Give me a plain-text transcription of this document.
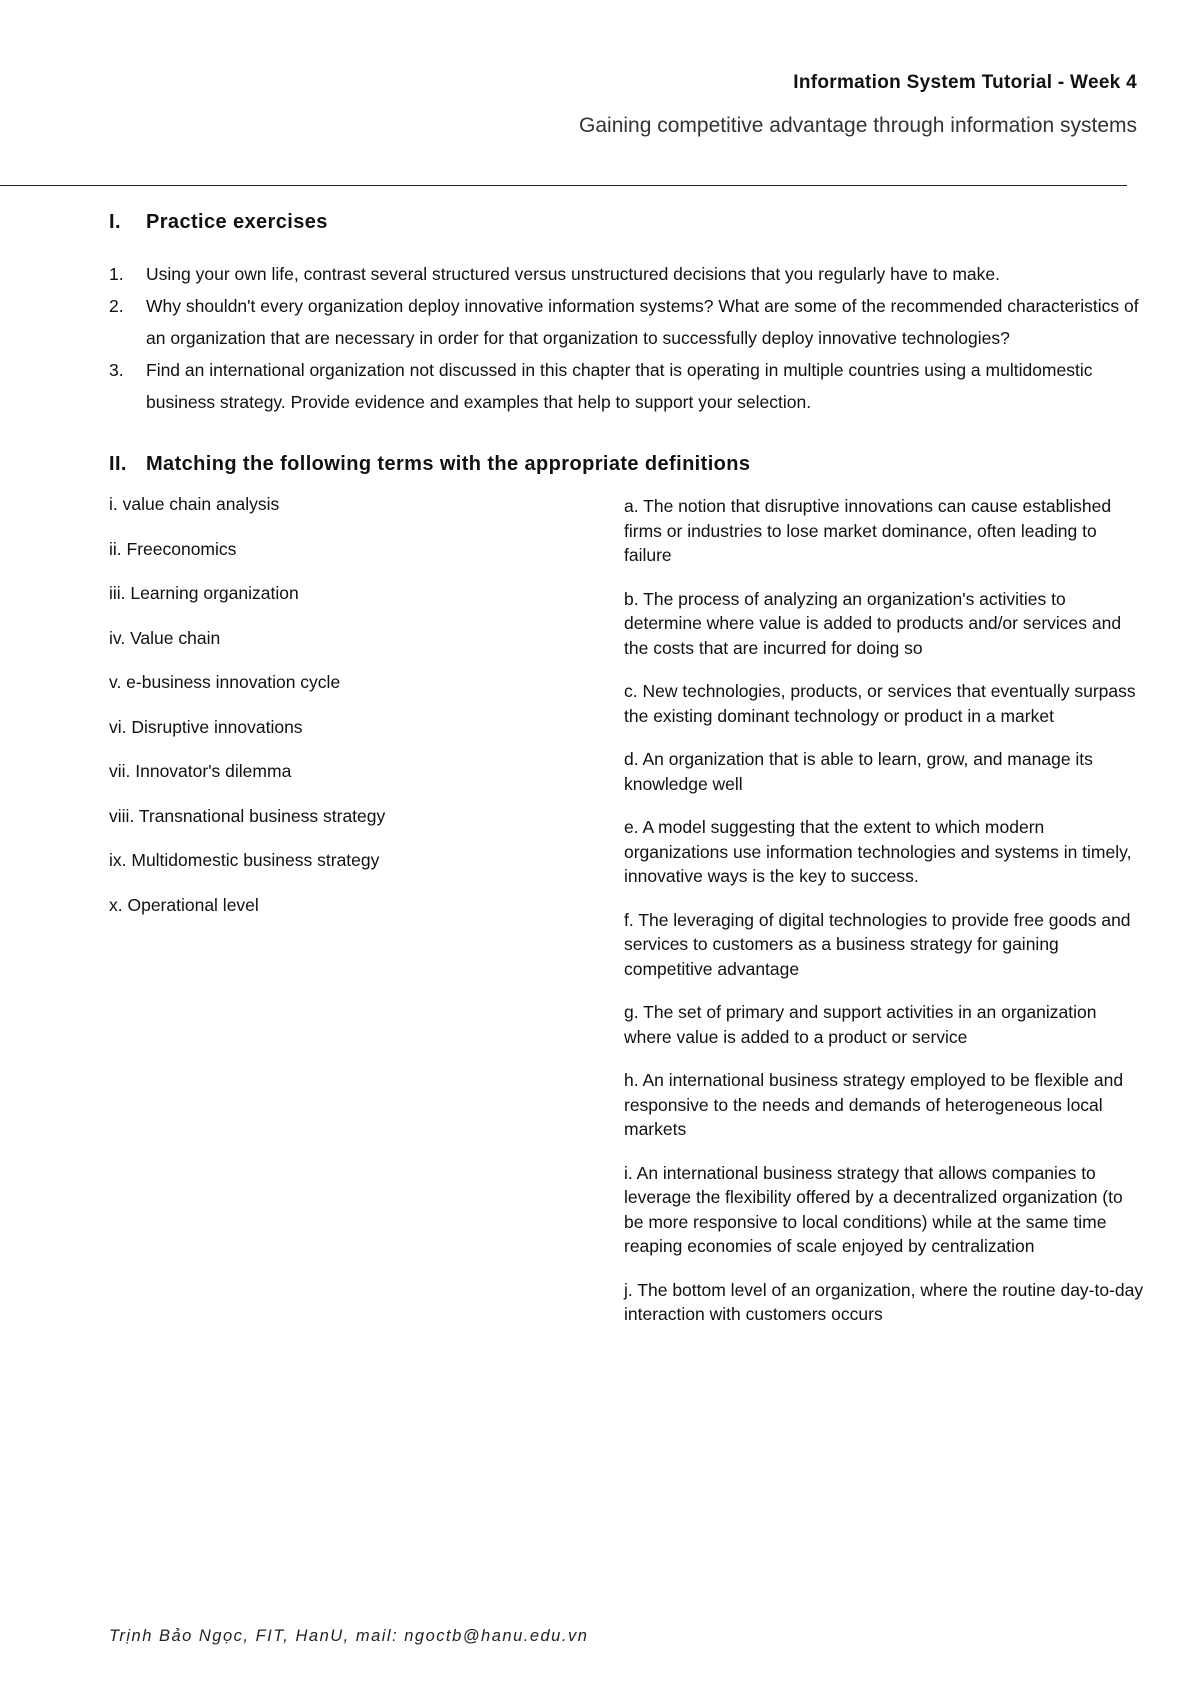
Information System Tutorial - Week 4
Gaining competitive advantage through information systems
I. Practice exercises
1. Using your own life, contrast several structured versus unstructured decisions that you regularly have to make.
2. Why shouldn't every organization deploy innovative information systems? What are some of the recommended characteristics of an organization that are necessary in order for that organization to successfully deploy innovative technologies?
3. Find an international organization not discussed in this chapter that is operating in multiple countries using a multidomestic business strategy. Provide evidence and examples that help to support your selection.
II. Matching the following terms with the appropriate definitions
i. value chain analysis
ii. Freeconomics
iii. Learning organization
iv. Value chain
v. e-business innovation cycle
vi. Disruptive innovations
vii. Innovator's dilemma
viii. Transnational business strategy
ix. Multidomestic business strategy
x. Operational level
a. The notion that disruptive innovations can cause established firms or industries to lose market dominance, often leading to failure
b. The process of analyzing an organization's activities to determine where value is added to products and/or services and the costs that are incurred for doing so
c. New technologies, products, or services that eventually surpass the existing dominant technology or product in a market
d. An organization that is able to learn, grow, and manage its knowledge well
e. A model suggesting that the extent to which modern organizations use information technologies and systems in timely, innovative ways is the key to success.
f. The leveraging of digital technologies to provide free goods and services to customers as a business strategy for gaining competitive advantage
g. The set of primary and support activities in an organization where value is added to a product or service
h. An international business strategy employed to be flexible and responsive to the needs and demands of heterogeneous local markets
i. An international business strategy that allows companies to leverage the flexibility offered by a decentralized organization (to be more responsive to local conditions) while at the same time reaping economies of scale enjoyed by centralization
j. The bottom level of an organization, where the routine day-to-day interaction with customers occurs
Trịnh Bảo Ngọc, FIT, HanU, mail: ngoctb@hanu.edu.vn
